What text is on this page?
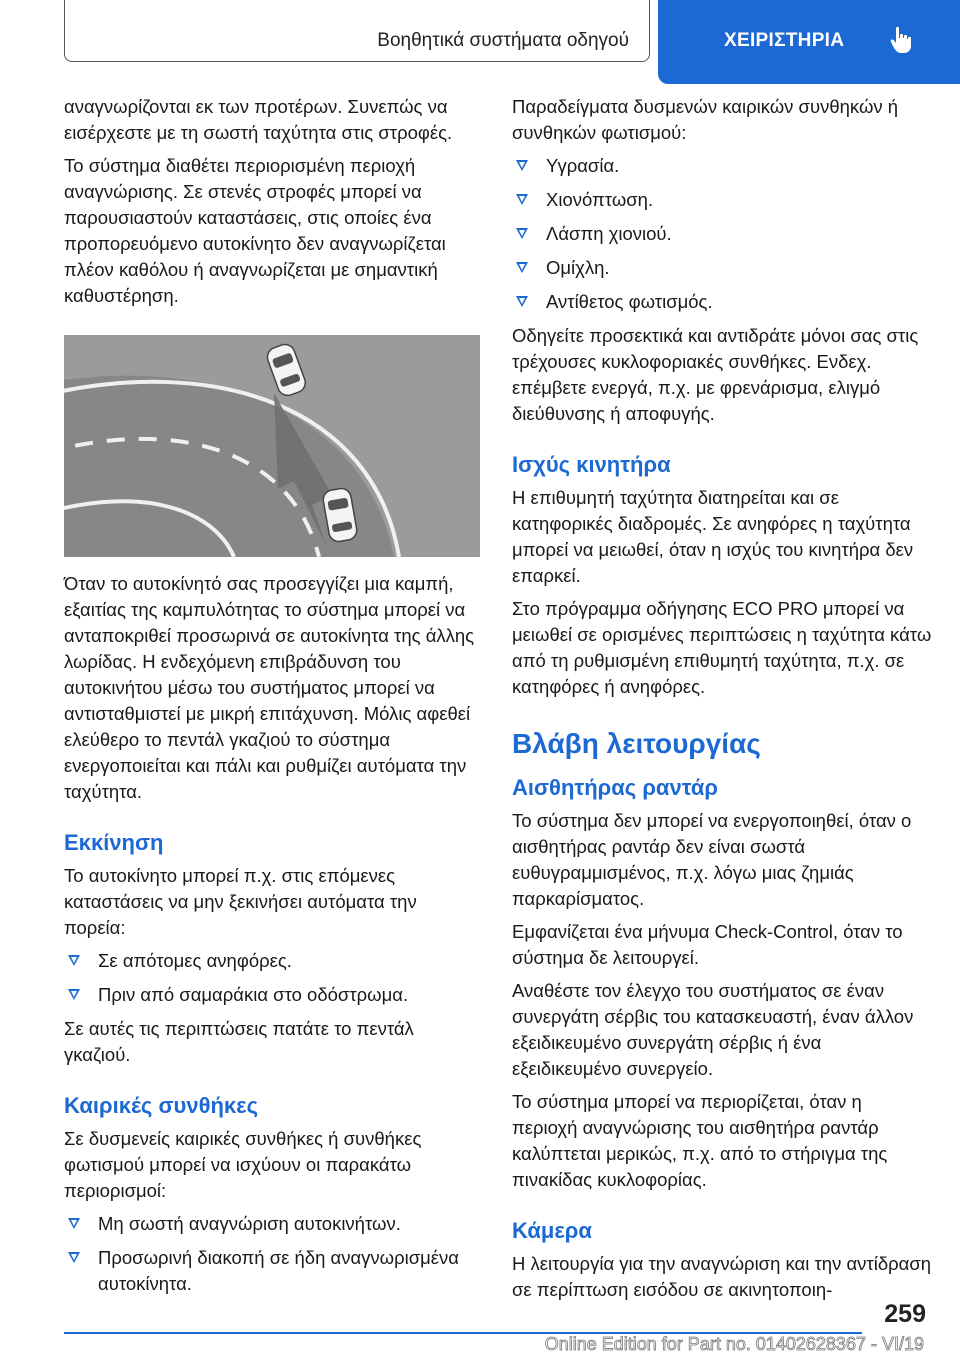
Βοηθητικά συστήματα οδηγού	ΧΕΙΡΙΣΤΗΡΙΑ

αναγνωρίζονται εκ των προτέρων. Συνεπώς να εισέρχεστε με τη σωστή ταχύτητα στις στροφές.

Το σύστημα διαθέτει περιορισμένη περιοχή αναγνώρισης. Σε στενές στροφές μπορεί να παρουσιαστούν καταστάσεις, στις οποίες ένα προπορευόμενο αυτοκίνητο δεν αναγνωρίζεται πλέον καθόλου ή αναγνωρίζεται με σημαντική καθυστέρηση.

Όταν το αυτοκίνητό σας προσεγγίζει μια καμπή, εξαιτίας της καμπυλότητας το σύστημα μπορεί να ανταποκριθεί προσωρινά σε αυτοκίνητα της άλλης λωρίδας. Η ενδεχόμενη επιβράδυνση του αυτοκινήτου μέσω του συστήματος μπορεί να αντισταθμιστεί με μικρή επιτάχυνση. Μόλις αφεθεί ελεύθερο το πεντάλ γκαζιού το σύστημα ενεργοποιείται και πάλι και ρυθμίζει αυτόματα την ταχύτητα.

Εκκίνηση

Το αυτοκίνητο μπορεί π.χ. στις επόμενες καταστάσεις να μην ξεκινήσει αυτόματα την πορεία:

Σε απότομες ανηφόρες.
Πριν από σαμαράκια στο οδόστρωμα.

Σε αυτές τις περιπτώσεις πατάτε το πεντάλ γκαζιού.

Καιρικές συνθήκες

Σε δυσμενείς καιρικές συνθήκες ή συνθήκες φωτισμού μπορεί να ισχύουν οι παρακάτω περιορισμοί:

Μη σωστή αναγνώριση αυτοκινήτων.
Προσωρινή διακοπή σε ήδη αναγνωρισμένα αυτοκίνητα.

Παραδείγματα δυσμενών καιρικών συνθηκών ή συνθηκών φωτισμού:

Υγρασία.
Χιονόπτωση.
Λάσπη χιονιού.
Ομίχλη.
Αντίθετος φωτισμός.

Οδηγείτε προσεκτικά και αντιδράτε μόνοι σας στις τρέχουσες κυκλοφοριακές συνθήκες. Ενδεχ. επέμβετε ενεργά, π.χ. με φρενάρισμα, ελιγμό διεύθυνσης ή αποφυγής.

Ισχύς κινητήρα

Η επιθυμητή ταχύτητα διατηρείται και σε κατηφορικές διαδρομές. Σε ανηφόρες η ταχύτητα μπορεί να μειωθεί, όταν η ισχύς του κινητήρα δεν επαρκεί.

Στο πρόγραμμα οδήγησης ECO PRO μπορεί να μειωθεί σε ορισμένες περιπτώσεις η ταχύτητα κάτω από τη ρυθμισμένη επιθυμητή ταχύτητα, π.χ. σε κατηφόρες ή ανηφόρες.

Βλάβη λειτουργίας
Αισθητήρας ραντάρ

Το σύστημα δεν μπορεί να ενεργοποιηθεί, όταν ο αισθητήρας ραντάρ δεν είναι σωστά ευθυγραμμισμένος, π.χ. λόγω μιας ζημιάς παρκαρίσματος.

Εμφανίζεται ένα μήνυμα Check-Control, όταν το σύστημα δε λειτουργεί.

Αναθέστε τον έλεγχο του συστήματος σε έναν συνεργάτη σέρβις του κατασκευαστή, έναν άλλον εξειδικευμένο συνεργάτη σέρβις ή ένα εξειδικευμένο συνεργείο.

Το σύστημα μπορεί να περιορίζεται, όταν η περιοχή αναγνώρισης του αισθητήρα ραντάρ καλύπτεται μερικώς, π.χ. από το στήριγμα της πινακίδας κυκλοφορίας.

Κάμερα

Η λειτουργία για την αναγνώριση και την αντίδραση σε περίπτωση εισόδου σε ακινητοποιη-

259
Online Edition for Part no. 01402628367 - VI/19
